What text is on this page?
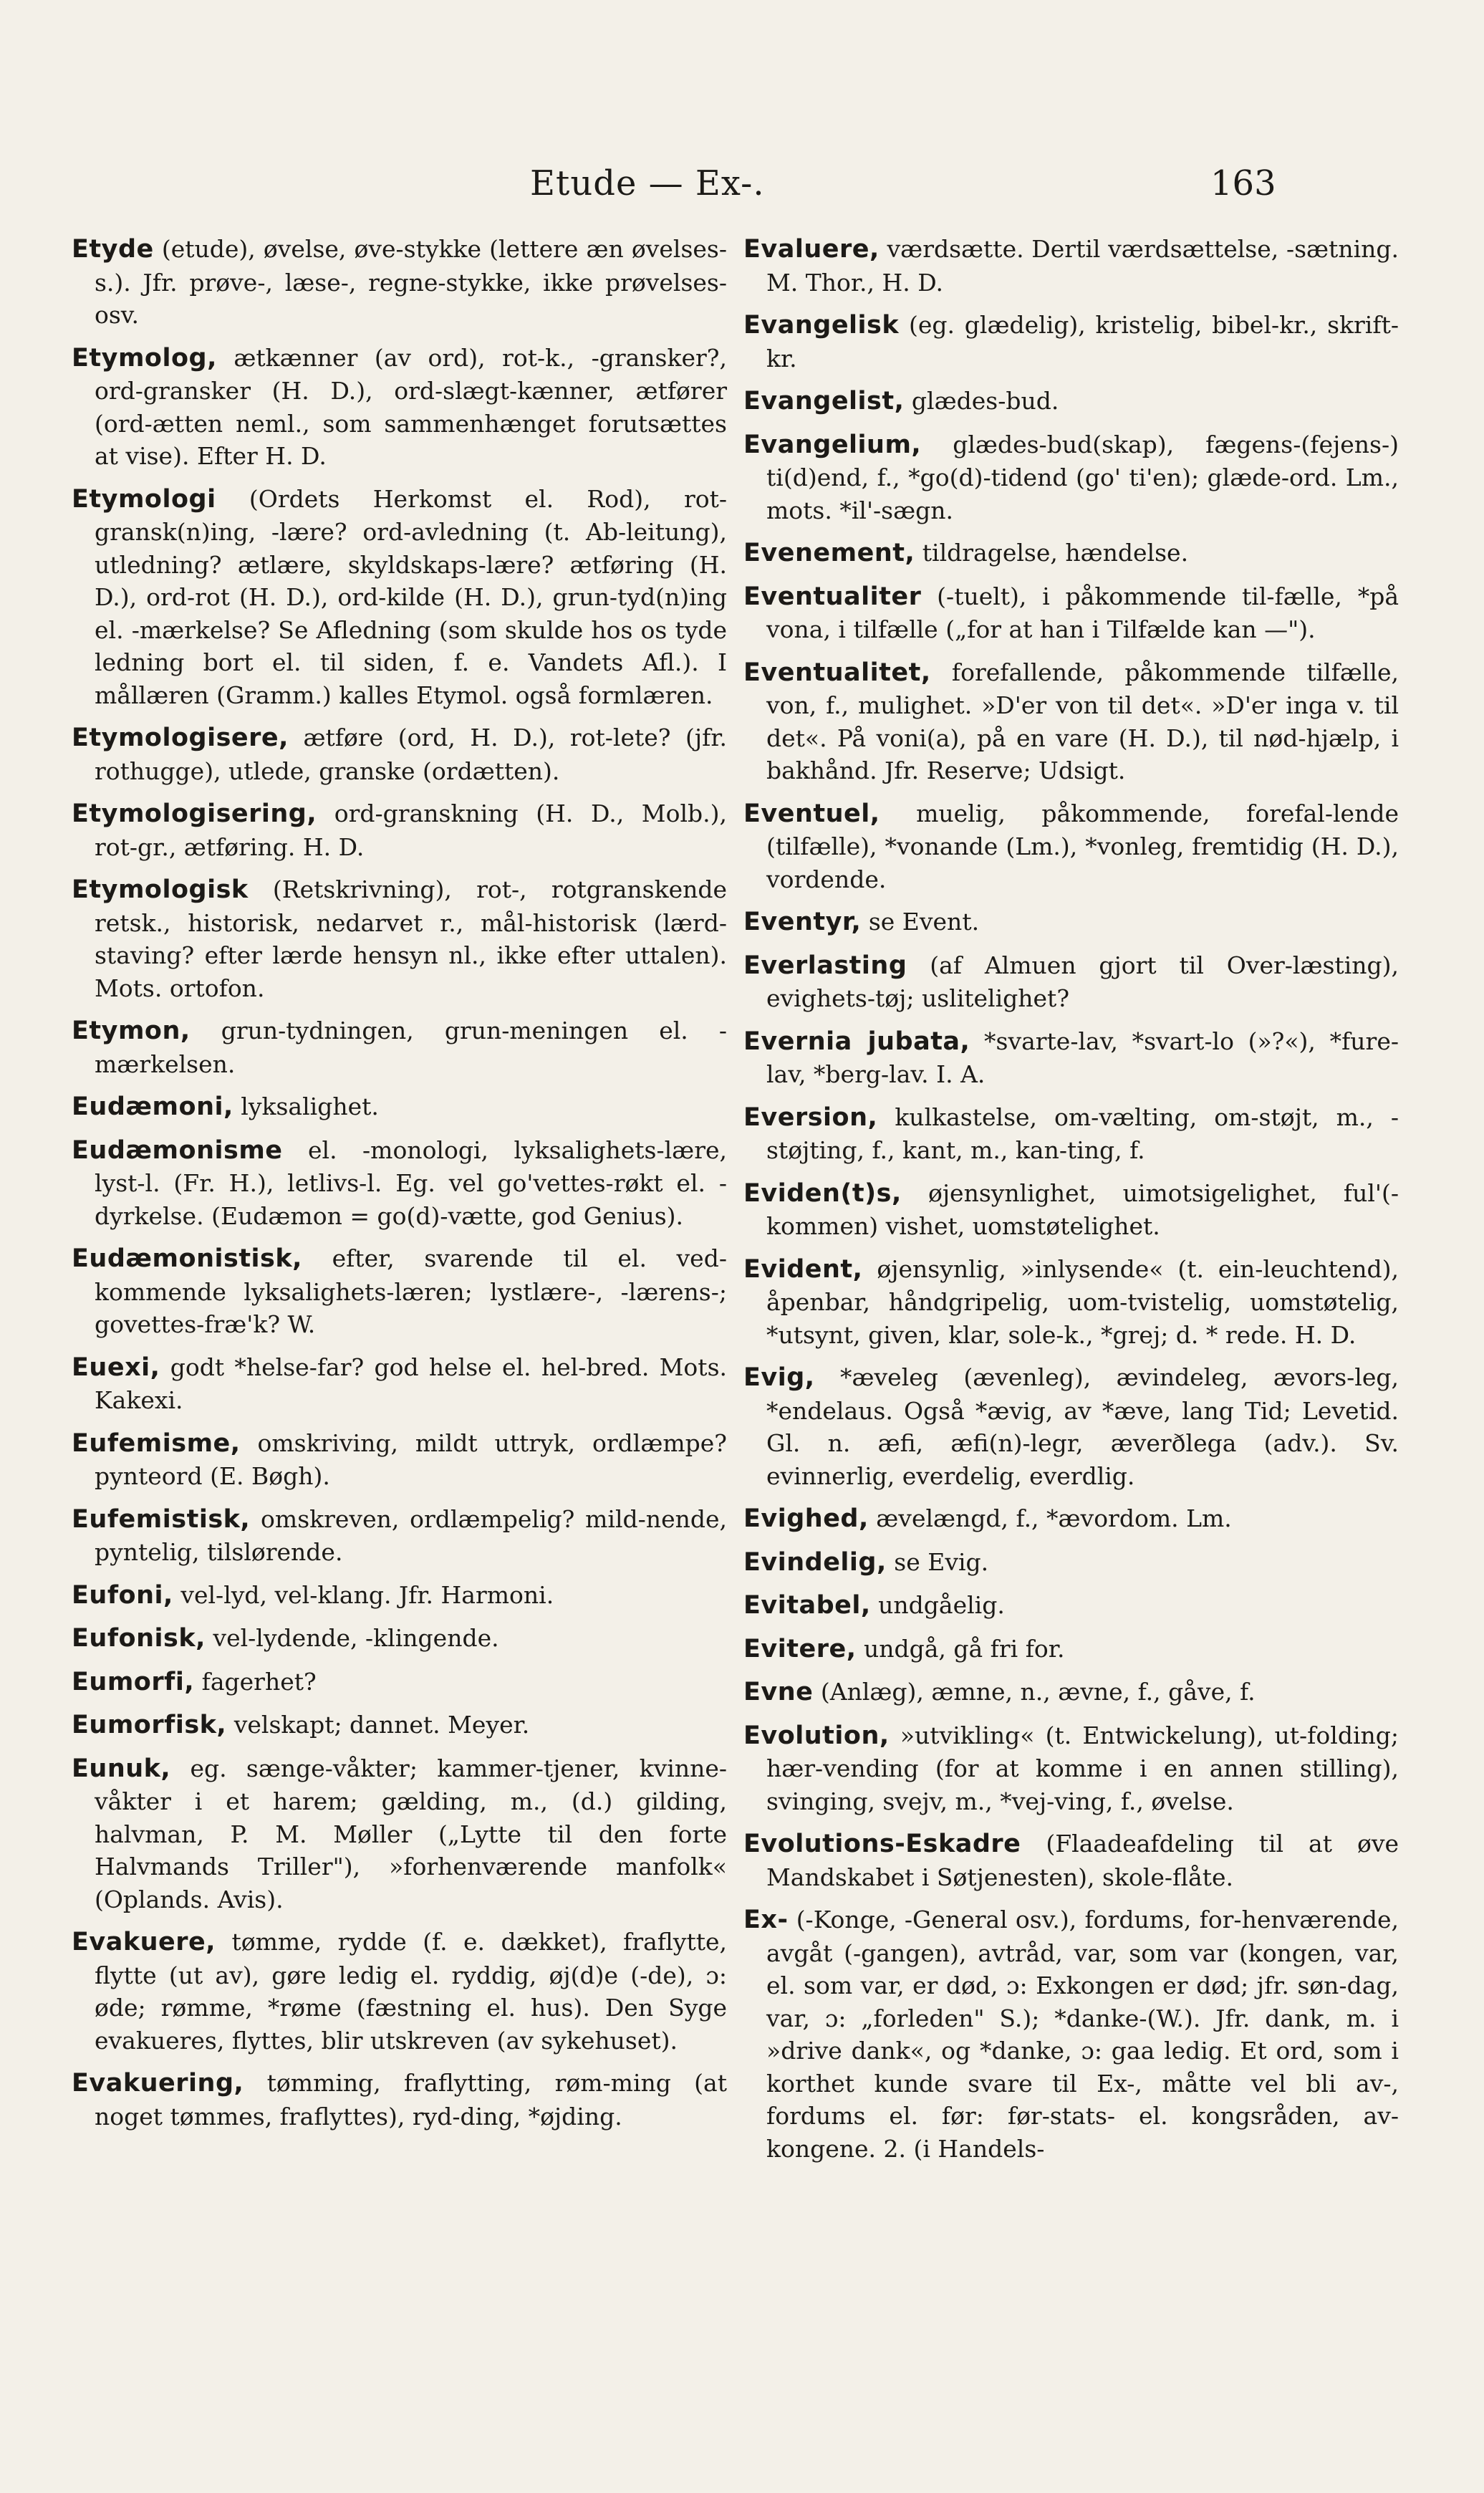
Etude — Ex-.	163

Etyde (etude), øvelse, øve-stykke (lettere æn øvelses-s.). Jfr. prøve-, læse-, regne-stykke, ikke prøvelses- osv.

Etymolog, ætkænner (av ord), rot-k., -gransker?, ord-gransker (H. D.), ord-slægt-kænner, ætfører (ord-ætten neml., som sammenhænget forutsættes at vise). Efter H. D.

Etymologi (Ordets Herkomst el. Rod), rot-gransk(n)ing, -lære? ord-avledning (t. Ab-leitung), utledning? ætlære, skyldskaps-lære? ætføring (H. D.), ord-rot (H. D.), ord-kilde (H. D.), grun-tyd(n)ing el. -mærkelse? Se Afledning (som skulde hos os tyde ledning bort el. til siden, f. e. Vandets Afl.). I mållæren (Gramm.) kalles Etymol. også formlæren.

Etymologisere, ætføre (ord, H. D.), rot-lete? (jfr. rothugge), utlede, granske (ordætten).

Etymologisering, ord-granskning (H. D., Molb.), rot-gr., ætføring. H. D.

Etymologisk (Retskrivning), rot-, rotgranskende retsk., historisk, nedarvet r., mål-historisk (lærd-staving? efter lærde hensyn nl., ikke efter uttalen). Mots. ortofon.

Etymon, grun-tydningen, grun-meningen el. -mærkelsen.

Eudæmoni, lyksalighet.

Eudæmonisme el. -monologi, lyksalighets-lære, lyst-l. (Fr. H.), letlivs-l. Eg. vel go'vettes-røkt el. -dyrkelse. (Eudæmon = go(d)-vætte, god Genius).

Eudæmonistisk, efter, svarende til el. ved-kommende lyksalighets-læren; lystlære-, -lærens-; govettes-fræ'k? W.

Euexi, godt *helse-far? god helse el. hel-bred. Mots. Kakexi.

Eufemisme, omskriving, mildt uttryk, ordlæmpe? pynteord (E. Bøgh).

Eufemistisk, omskreven, ordlæmpelig? mild-nende, pyntelig, tilslørende.

Eufoni, vel-lyd, vel-klang. Jfr. Harmoni.

Eufonisk, vel-lydende, -klingende.

Eumorfi, fagerhet?

Eumorfisk, velskapt; dannet. Meyer.

Eunuk, eg. sænge-våkter; kammer-tjener, kvinne-våkter i et harem; gælding, m., (d.) gilding, halvman, P. M. Møller („Lytte til den forte Halvmands Triller"), »forhenværende manfolk« (Oplands. Avis).

Evakuere, tømme, rydde (f. e. dækket), fraflytte, flytte (ut av), gøre ledig el. ryddig, øj(d)e (-de), ɔ: øde; rømme, *røme (fæstning el. hus). Den Syge evakueres, flyttes, blir utskreven (av sykehuset).

Evakuering, tømming, fraflytting, røm-ming (at noget tømmes, fraflyttes), ryd-ding, *øjding.

Evaluere, værdsætte. Dertil værdsættelse, -sætning. M. Thor., H. D.

Evangelisk (eg. glædelig), kristelig, bibel-kr., skrift-kr.

Evangelist, glædes-bud.

Evangelium, glædes-bud(skap), fægens-(fejens-) ti(d)end, f., *go(d)-tidend (go' ti'en); glæde-ord. Lm., mots. *il'-sægn.

Evenement, tildragelse, hændelse.

Eventualiter (-tuelt), i påkommende til-fælle, *på vona, i tilfælle („for at han i Tilfælde kan —").

Eventualitet, forefallende, påkommende tilfælle, von, f., mulighet. »D'er von til det«. »D'er inga v. til det«. På voni(a), på en vare (H. D.), til nød-hjælp, i bakhånd. Jfr. Reserve; Udsigt.

Eventuel, muelig, påkommende, forefal-lende (tilfælle), *vonande (Lm.), *vonleg, fremtidig (H. D.), vordende.

Eventyr, se Event.

Everlasting (af Almuen gjort til Over-læsting), evighets-tøj; uslitelighet?

Evernia jubata, *svarte-lav, *svart-lo (»?«), *fure-lav, *berg-lav. I. A.

Eversion, kulkastelse, om-vælting, om-støjt, m., -støjting, f., kant, m., kan-ting, f.

Eviden(t)s, øjensynlighet, uimotsigelighet, ful'(-kommen) vishet, uomstøtelighet.

Evident, øjensynlig, »inlysende« (t. ein-leuchtend), åpenbar, håndgripelig, uom-tvistelig, uomstøtelig, *utsynt, given, klar, sole-k., *grej; d. * rede. H. D.

Evig, *æveleg (ævenleg), ævindeleg, ævors-leg, *endelaus. Også *ævig, av *æve, lang Tid; Levetid. Gl. n. æfi, æfi(n)-legr, æverðlega (adv.). Sv. evinnerlig, everdelig, everdlig.

Evighed, ævelængd, f., *ævordom. Lm.

Evindelig, se Evig.

Evitabel, undgåelig.

Evitere, undgå, gå fri for.

Evne (Anlæg), æmne, n., ævne, f., gåve, f.

Evolution, »utvikling« (t. Entwickelung), ut-folding; hær-vending (for at komme i en annen stilling), svinging, svejv, m., *vej-ving, f., øvelse.

Evolutions-Eskadre (Flaadeafdeling til at øve Mandskabet i Søtjenesten), skole-flåte.

Ex- (-Konge, -General osv.), fordums, for-henværende, avgåt (-gangen), avtråd, var, som var (kongen, var, el. som var, er død, ɔ: Exkongen er død; jfr. søn-dag, var, ɔ: „forleden" S.); *danke-(W.). Jfr. dank, m. i »drive dank«, og *danke, ɔ: gaa ledig. Et ord, som i korthet kunde svare til Ex-, måtte vel bli av-, fordums el. før: før-stats- el. kongsråden, av-kongene. 2. (i Handels-
